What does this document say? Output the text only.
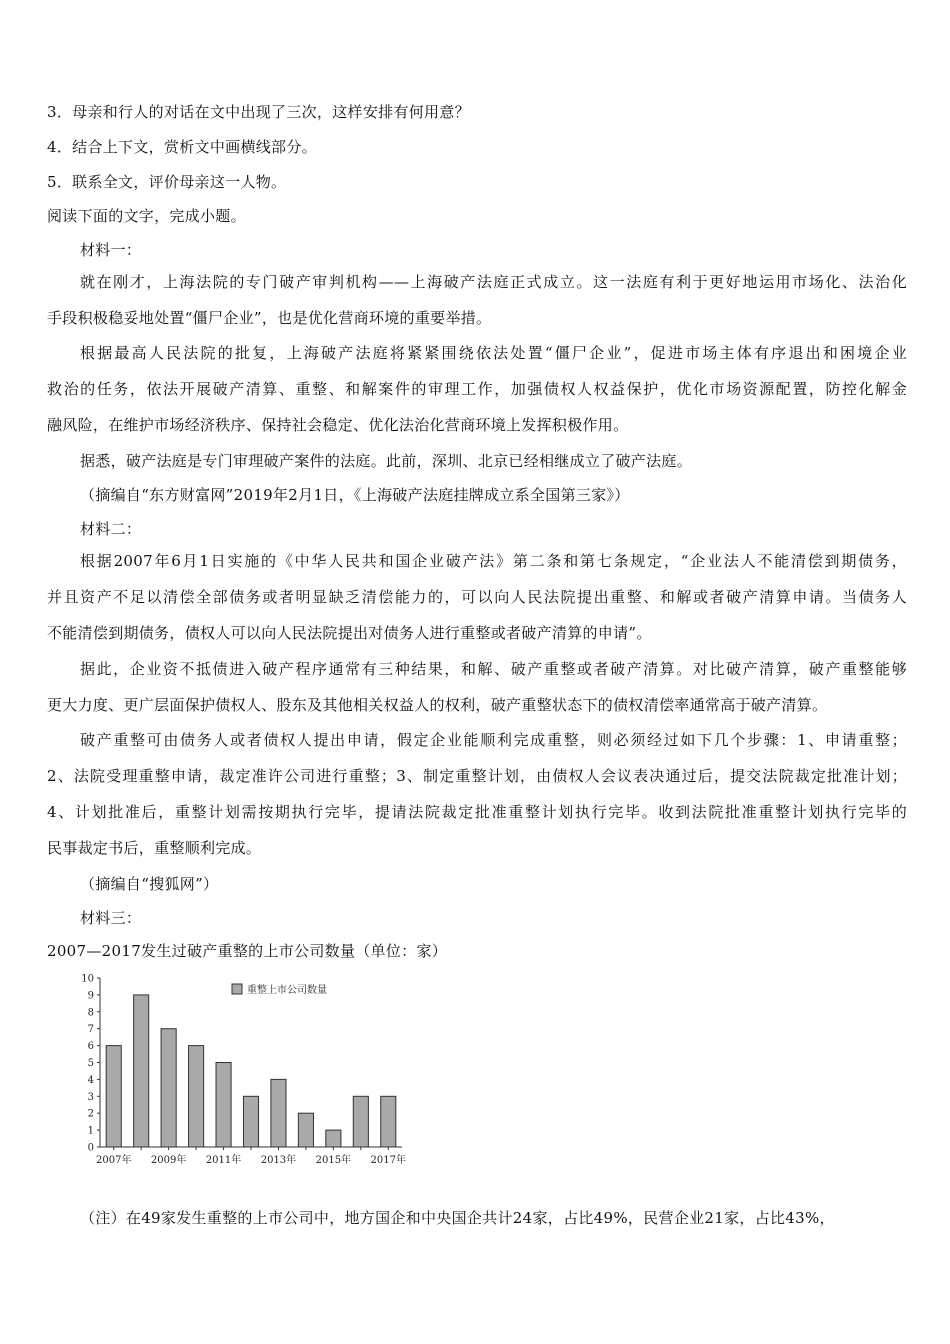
3．母亲和行人的对话在文中出现了三次，这样安排有何用意？
4．结合上下文，赏析文中画横线部分。
5．联系全文，评价母亲这一人物。
阅读下面的文字，完成小题。
材料一：
就在刚才，上海法院的专门破产审判机构——上海破产法庭正式成立。这一法庭有利于更好地运用市场化、法治化
手段积极稳妥地处置“僵尸企业”，也是优化营商环境的重要举措。
根据最高人民法院的批复，上海破产法庭将紧紧围绕依法处置“僵尸企业”，促进市场主体有序退出和困境企业
救治的任务，依法开展破产清算、重整、和解案件的审理工作，加强债权人权益保护，优化市场资源配置，防控化解金
融风险，在维护市场经济秩序、保持社会稳定、优化法治化营商环境上发挥积极作用。
据悉，破产法庭是专门审理破产案件的法庭。此前，深圳、北京已经相继成立了破产法庭。
（摘编自“东方财富网”2019年2月1日，《上海破产法庭挂牌成立系全国第三家》）
材料二：
根据2007年6月1日实施的《中华人民共和国企业破产法》第二条和第七条规定，“企业法人不能清偿到期债务，
并且资产不足以清偿全部债务或者明显缺乏清偿能力的，可以向人民法院提出重整、和解或者破产清算申请。当债务人
不能清偿到期债务，债权人可以向人民法院提出对债务人进行重整或者破产清算的申请”。
据此，企业资不抵债进入破产程序通常有三种结果，和解、破产重整或者破产清算。对比破产清算，破产重整能够
更大力度、更广层面保护债权人、股东及其他相关权益人的权利，破产重整状态下的债权清偿率通常高于破产清算。
破产重整可由债务人或者债权人提出申请，假定企业能顺利完成重整，则必须经过如下几个步骤：1、申请重整；
2、法院受理重整申请，裁定准许公司进行重整；3、制定重整计划，由债权人会议表决通过后，提交法院裁定批准计划；
4、计划批准后，重整计划需按期执行完毕，提请法院裁定批准重整计划执行完毕。收到法院批准重整计划执行完毕的
民事裁定书后，重整顺利完成。
（摘编自“搜狐网”）
材料三：
2007—2017发生过破产重整的上市公司数量（单位：家）
0
1
2
3
4
5
6
7
8
9
10
2007年 2009年 2011年 2013年 2015年 2017年
重整上市公司数量
（注）在49家发生重整的上市公司中，地方国企和中央国企共计24家，占比49%，民营企业21家，占比43%，
